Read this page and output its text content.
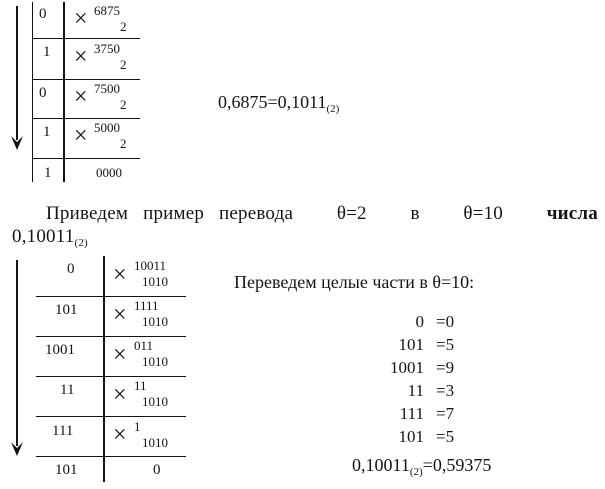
0
1
0
1
1
× 6875
2
× 3750
2
× 7500
2
× 5000
2
0000
$0,6875=0,1011_{(2)}$
Приведем пример перевода θ=2 в θ=10 числа
$0,10011_{(2)}$
0
101
1001
11
111
101
× 10011
1010
× 1111
1010
× 011
1010
× 11
1010
× 1
1010
0
Переведем целые части в θ=10:
0 =0
101 =5
1001 =9
11 =3
111 =7
101 =5
$0,10011_{(2)}=0,59375$
